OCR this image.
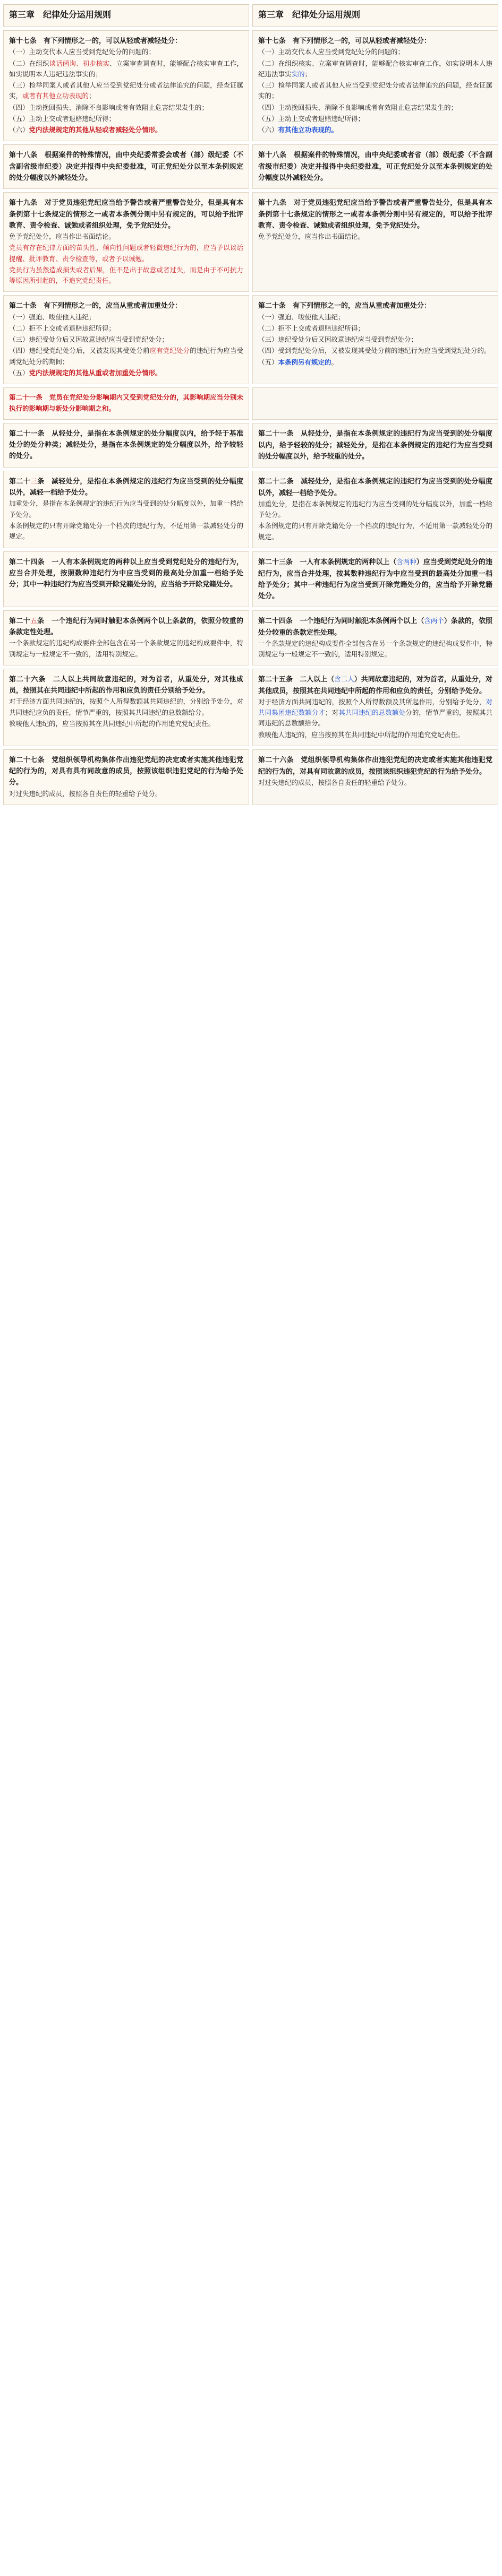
第三章　纪律处分运用规则

第十七条　有下列情形之一的，可以从轻或者减轻处分：

（一）主动交代本人应当受到党纪处分的问题的；

（二）在组织谈话函询、初步核实、立案审查调查时，能够配合核实审查工作，如实说明本人违纪违法事实的；

（三）检举同案人或者其他人应当受到党纪处分或者法律追究的问题，经查证属实，或者有其他立功表现的；

（四）主动挽回损失、消除不良影响或者有效阻止危害结果发生的；

（五）主动上交或者退赔违纪所得；

（六）党内法规规定的其他从轻或者减轻处分情形。

第十八条　根据案件的特殊情况，由中央纪委常委会或者（部）级纪委（不含副省级市纪委）决定并报得中央纪委批准，可正党纪处分以至本条例规定的处分幅度以外减轻处分。

第十九条　对于党员违犯党纪应当给予警告或者严重警告处分，但是具有本条例第十七条规定的情形之一或者本条例分则中另有规定的，可以给予批评教育、责令检查、诚勉或者组织处理，免予党纪处分。

免予党纪处分，应当作出书面结论。

党员有存在纪律方面的苗头性、倾向性问题或者轻微违纪行为的，应当予以谈话提醒、批评教育、责令检查等，或者予以诫勉。

党员行为虽然造成损失或者后果，但不是出于故意或者过失，而是由于不可抗力等原因所引起的，不追究党纪责任。

第二十条　有下列情形之一的，应当从重或者加重处分：

（一）强迫、唆使他人违纪；

（二）拒不上交或者退赔违纪所得；

（三）违纪受处分后又因故意违纪应当受到党纪处分；

（四）违纪受党纪处分后，又被发现其受处分前应有党纪处分的违纪行为应当受到党纪处分的期间；

（五）党内法规规定的其他从重或者加重处分情形。

第二十一条　党员在党纪处分影响期内又受到党纪处分的，其影响期应当分别未执行的影响期与新处分影响期之和。

第二十一条　从轻处分，是指在本条例规定的处分幅度以内，给予轻于基准处分的处分种类；减轻处分，是指在本条例规定的处分幅度以外，给予较轻的处分。

第二十三条　减轻处分，是指在本条例规定的违纪行为应当受到的处分幅度以外，减轻一档给予处分。

加重处分，是指在本条例规定的违纪行为应当受到的处分幅度以外，加重一档给予处分。

本条例规定的只有开除党籍处分一个档次的违纪行为，不适用第一款减轻处分的规定。

第二十四条　一人有本条例规定的两种以上应当受到党纪处分的违纪行为，应当合并处理，按照数种违纪行为中应当受到的最高处分加重一档给予处分；其中一种违纪行为应当受到开除党籍处分的，应当给予开除党籍处分。

第二十五条　一个违纪行为同时触犯本条例两个以上条款的，依照分较重的条款定性处理。

一个条款规定的违纪构成要件全部包含在另一个条款规定的违纪构成要件中，特别规定与一般规定不一致的，适用特别规定。

第二十六条　二人以上共同故意违纪的，对为首者，从重处分，对其他成员，按照其在共同违纪中所起的作用和应负的责任分别给予处分。

对于经济方面共同违纪的，按照个人所得数额其共同违纪的，分别给予处分，对共同违纪应负的责任，情节严重的，按照其共同违纪的总数额给分。

教唆他人违纪的，应当按照其在共同违纪中所起的作用追究党纪责任。

第二十七条　党组织领导机构集体作出违犯党纪的决定或者实施其他违犯党纪的行为的，对具有具有同故意的成员，按照该组织违犯党纪的行为给予处分。

对过失违纪的成员，按照各自责任的轻重给予处分。

第三章　纪律处分运用规则

第十七条　有下列情形之一的，可以从轻或者减轻处分：

（一）主动交代本人应当受到党纪处分的问题的；

（二）在组织核实、立案审查调查时，能够配合核实审查工作，如实说明本人违纪违法事实实的；

（三）检举同案人或者其他人应当受到党纪处分或者法律追究的问题，经查证属实的；

（四）主动挽回损失、消除不良影响或者有效阻止危害结果发生的；

（五）主动上交或者退赔违纪所得；

（六）有其他立功表现的。

第十八条　根据案件的特殊情况，由中央纪委或者省（部）级纪委（不含副省级市纪委）决定并报得中央纪委批准，可正党纪处分以至本条例规定的处分幅度以外减轻处分。

第十九条　对于党员违犯党纪应当给予警告或者严重警告处分，但是具有本条例第十七条规定的情形之一或者本条例分则中另有规定的，可以给予批评教育、责令检查、诫勉或者组织处理，免予党纪处分。

免予党纪处分，应当作出书面结论。

第二十条　有下列情形之一的，应当从重或者加重处分：

（一）强迫、唆使他人违纪；

（二）拒不上交或者退赔违纪所得；

（三）违纪受处分后又因故意违纪应当受到党纪处分；

（四）受到党纪处分后，又被发现其受处分前的违纪行为应当受到党纪处分的。

（五）本条例另有规定的。

第二十一条　从轻处分，是指在本条例规定的违纪行为应当受到的处分幅度以内，给予轻较的处分；减轻处分，是指在本条例规定的违纪行为应当受到的处分幅度以外，给予较重的处分。

第二十二条　减轻处分，是指在本条例规定的违纪行为应当受到的处分幅度以外，减轻一档给予处分。

加重处分，是指在本条例规定的违纪行为应当受到的处分幅度以外，加重一档给予处分。

本条例规定的只有开除党籍处分一个档次的违纪行为，不适用第一款减轻处分的规定。

第二十三条　一人有本条例规定的两种以上（含两种）应当受到党纪处分的违纪行为，应当合并处理，按其数种违纪行为中应当受到的最高处分加重一档给予处分；其中一种违纪行为应当受到开除党籍处分的，应当给予开除党籍处分。

第二十四条　一个违纪行为同时触犯本条例两个以上（含两个）条款的，依照处分较重的条款定性处理。

一个条款规定的违纪构成要件全部包含在另一个条款规定的违纪构成要件中，特别规定与一般规定不一致的，适用特别规定。

第二十五条　二人以上（含二人）共同故意违纪的，对为首者，从重处分，对其他成员，按照其在共同违纪中所起的作用和应负的责任，分别给予处分。

对于经济方面共同违纪的，按照个人所得数额及其所起作用，分别给予处分，对共同集团违纪数额分才；对其共同违纪的总数额处分的，情节严重的，按照其共同违纪的总数额给分。

教唆他人违纪的，应当按照其在共同违纪中所起的作用追究党纪责任。

第二十六条　党组织领导机构集体作出违犯党纪的决定或者实施其他违犯党纪的行为的，对具有同故意的成员，按照该组织违犯党纪的行为给予处分。

对过失违纪的成员，按照各自责任的轻重给予处分。
